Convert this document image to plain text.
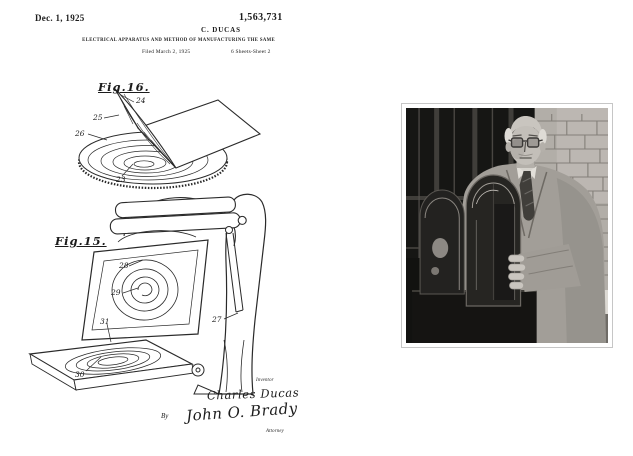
Dec. 1, 1925	1,563,731
C. DUCAS
ELECTRICAL APPARATUS AND METHOD OF MANUFACTURING THE SAME
Filed March 2, 1925	6 Sheets-Sheet 2
Fig.16.
24
25
26
23
Fig.15.
28
29
27
31
30
Inventor
Charles Ducas
By John O. Brady
Attorney
